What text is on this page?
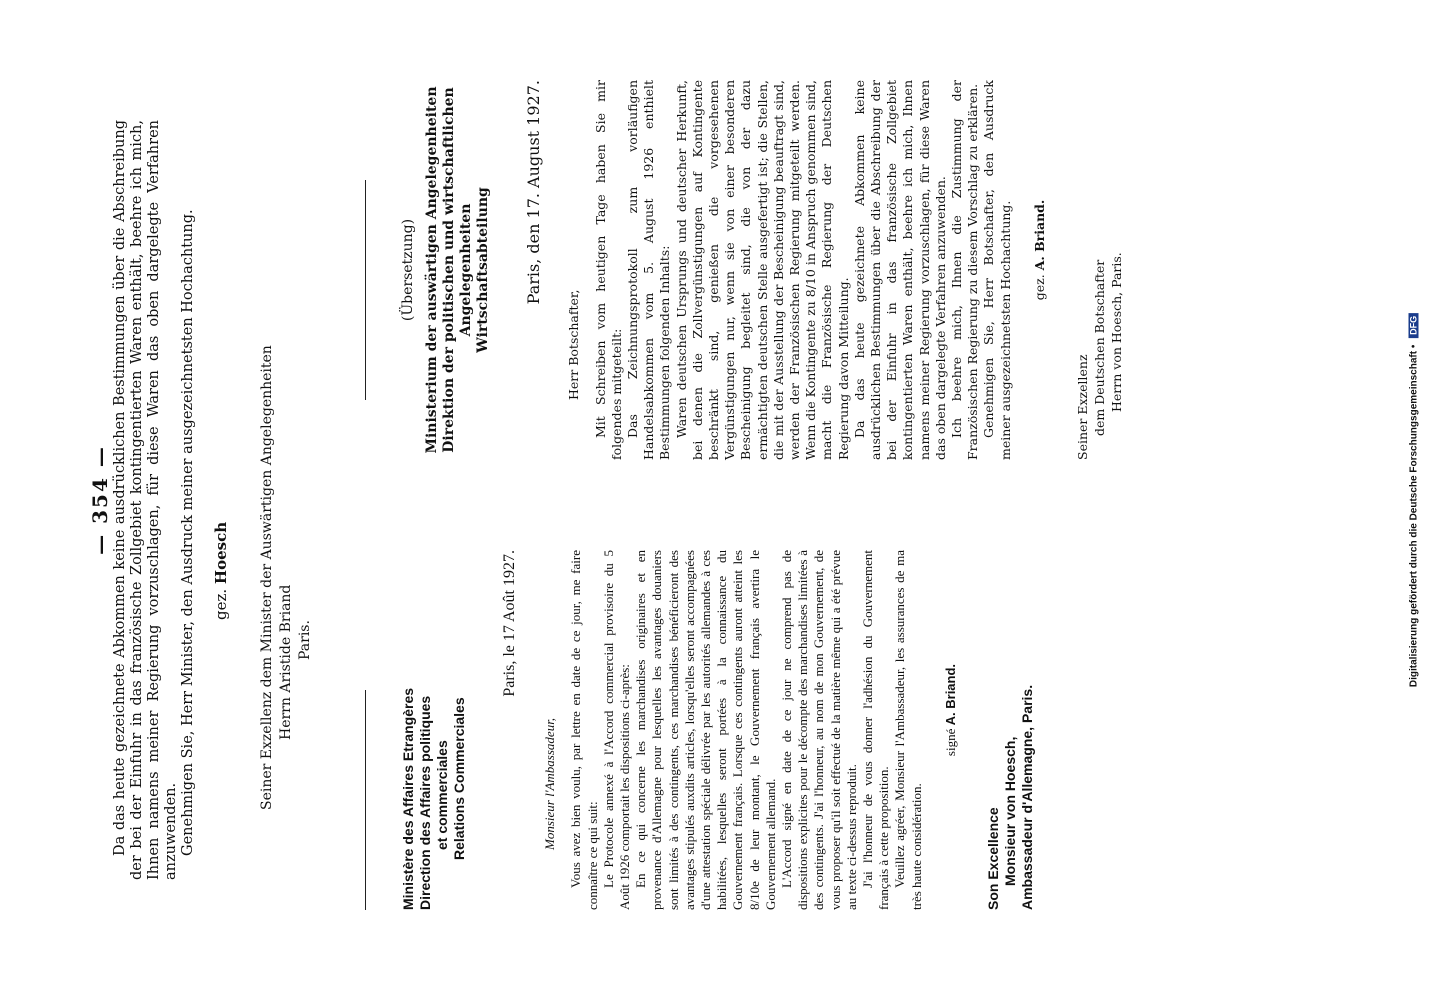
— 354 — Da das heute gezeichnete Abkommen keine ausdrücklichen Bestimmungen über die Abschreibung der bei der Einfuhr in das französische Zollgebiet kontingentierten Waren enthält, beehre ich mich, Ihnen namens meiner Regierung vorzuschlagen, für diese Waren das oben dargelegte Verfahren anzuwenden. Genehmigen Sie, Herr Minister, den Ausdruck meiner ausgezeichnetsten Hochachtung. gez. Hoesch Seiner Exzellenz dem Minister der Auswärtigen Angelegenheiten Herrn Aristide Briand Paris.
Ministère des Affaires Etrangères Direction des Affaires politiques et commerciales Relations Commerciales
Paris, le 17 Août 1927.
Monsieur l'Ambassadeur, Vous avez bien voulu, par lettre en date de ce jour, me faire connaître ce qui suit: Le Protocole annexé à l'Accord commercial provisoire du 5 Août 1926 comportait les dispositions ci-après: En ce qui concerne les marchandises originaires et en provenance d'Allemagne pour lesquelles les avantages douaniers sont limités à des contingents, ces marchandises bénéficieront des avantages stipulés auxdits articles, lorsqu'elles seront accompagnées d'une attestation spéciale délivrée par les autorités allemandes à ces habilitées, lesquelles seront portées à la connaissance du Gouvernement français. Lorsque ces contingents auront atteint les 8/10e de leur montant, le Gouvernement français avertira le Gouvernement allemand. L'Accord signé en date de ce jour ne comprend pas de dispositions explicites pour le décompte des marchandises limitées à des contingents. J'ai l'honneur, au nom de mon Gouvernement, de vous proposer qu'il soit effectué de la matière même qui a été prévue au texte ci-dessus reproduit. J'ai l'honneur de vous donner l'adhésion du Gouvernement français à cette proposition. Veuillez agréer, Monsieur l'Ambassadeur, les assurances de ma très haute considération.

signé A. Briand.
Son Excellence Monsieur von Hoesch, Ambassadeur d'Allemagne, Paris.
(Übersetzung) Ministerium der auswärtigen Angelegenheiten Direktion der politischen und wirtschaftlichen Angelegenheiten Wirtschaftsabteilung Paris, den 17. August 1927.
Herr Botschafter, Mit Schreiben vom heutigen Tage haben Sie mir folgendes mitgeteilt: Das Zeichnungsprotokoll zum vorläufigen Handelsabkommen vom 5. August 1926 enthielt Bestimmungen folgenden Inhalts: Waren deutschen Ursprungs und deutscher Herkunft, bei denen die Zollvergünstigungen auf Kontingente beschränkt sind, genießen die vorgesehenen Vergünstigungen nur, wenn sie von einer besonderen Bescheinigung begleitet sind, die von der dazu ermächtigten deutschen Stelle ausgefertigt ist; die Stellen, die mit der Ausstellung der Bescheinigung beauftragt sind, werden der Französischen Regierung mitgeteilt werden. Wenn die Kontingente zu 8/10 in Anspruch genommen sind, macht die Französische Regierung der Deutschen Regierung davon Mitteilung. Da das heute gezeichnete Abkommen keine ausdrücklichen Bestimmungen über die Abschreibung der bei der Einfuhr in das französische Zollgebiet kontingentierten Waren enthält, beehre ich mich, Ihnen namens meiner Regierung vorzuschlagen, für diese Waren das oben dargelegte Verfahren anzuwenden. Ich beehre mich, Ihnen die Zustimmung der Französischen Regierung zu diesem Vorschlag zu erklären. Genehmigen Sie, Herr Botschafter, den Ausdruck meiner ausgezeichnetsten Hochachtung. gez. A. Briand.
Seiner Exzellenz dem Deutschen Botschafter Herrn von Hoesch, Paris.
Digitalisierung gefördert durch die Deutsche Forschungsgemeinschaft • DFG
